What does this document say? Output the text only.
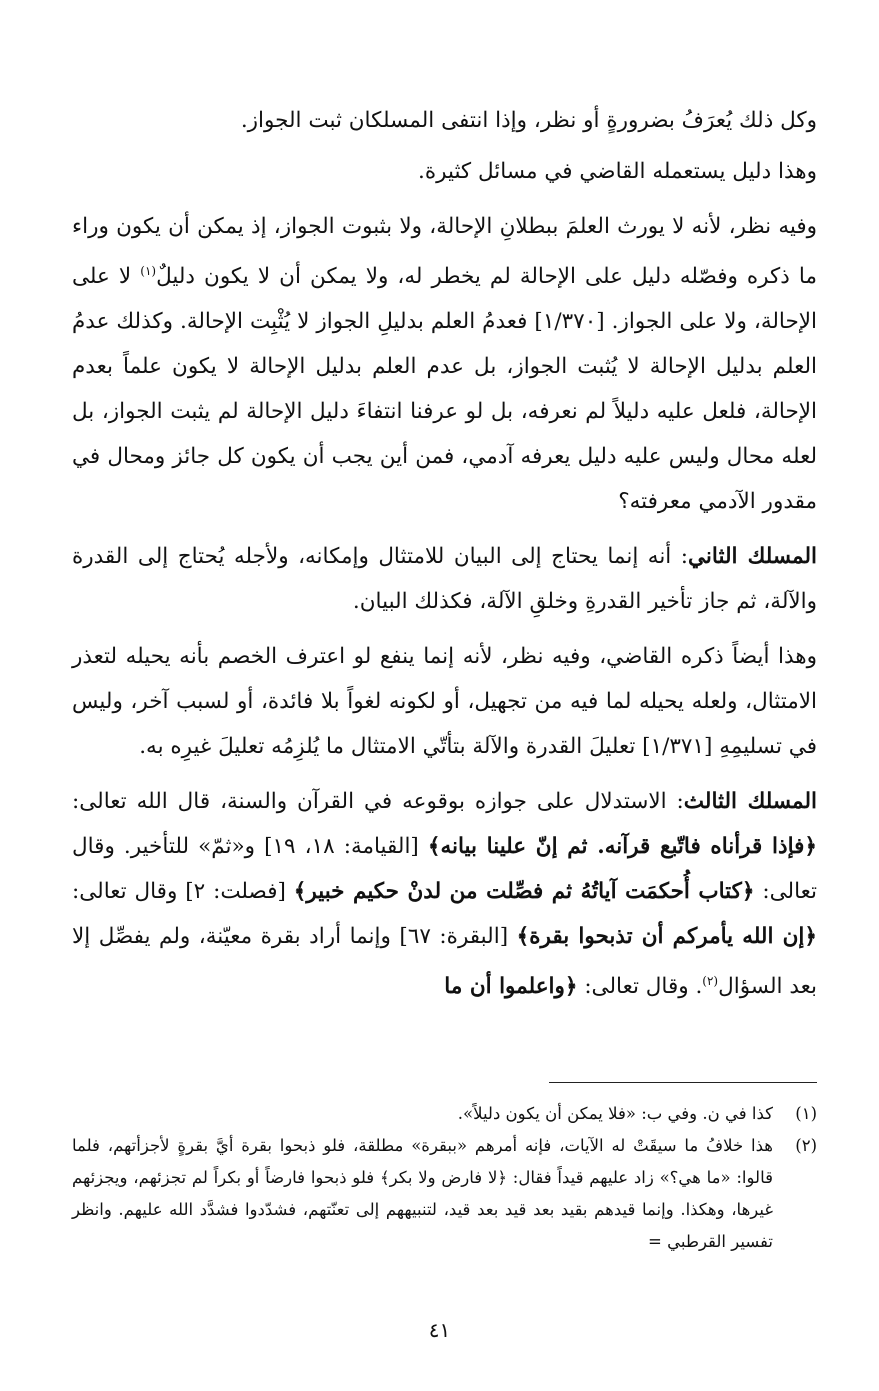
وكل ذلك يُعرَفُ بضرورةٍ أو نظر، وإذا انتفى المسلكان ثبت الجواز.

وهذا دليل يستعمله القاضي في مسائل كثيرة.

وفيه نظر، لأنه لا يورث العلمَ ببطلانِ الإحالة، ولا بثبوت الجواز، إذ يمكن أن يكون وراء ما ذكره وفصّله دليل على الإحالة لم يخطر له، ولا يمكن أن لا يكون دليلٌ$^{(١)}$ لا على الإحالة، ولا على الجواز. [١/٣٧٠] فعدمُ العلم بدليلِ الجواز لا يُثْبِت الإحالة. وكذلك عدمُ العلم بدليل الإحالة لا يُثبت الجواز، بل عدم العلم بدليل الإحالة لا يكون علماً بعدم الإحالة، فلعل عليه دليلاً لم نعرفه، بل لو عرفنا انتفاءَ دليل الإحالة لم يثبت الجواز، بل لعله محال وليس عليه دليل يعرفه آدمي، فمن أين يجب أن يكون كل جائز ومحال في مقدور الآدمي معرفته؟

المسلك الثاني: أنه إنما يحتاج إلى البيان للامتثال وإمكانه، ولأجله يُحتاج إلى القدرة والآلة، ثم جاز تأخير القدرةِ وخلقِ الآلة، فكذلك البيان.

وهذا أيضاً ذكره القاضي، وفيه نظر، لأنه إنما ينفع لو اعترف الخصم بأنه يحيله لتعذر الامتثال، ولعله يحيله لما فيه من تجهيل، أو لكونه لغواً بلا فائدة، أو لسبب آخر، وليس في تسليمِهِ [١/٣٧١] تعليلَ القدرة والآلة بتأتّي الامتثال ما يُلزِمُه تعليلَ غيرِه به.

المسلك الثالث: الاستدلال على جوازه بوقوعه في القرآن والسنة، قال الله تعالى: ﴿فإذا قرأناه فاتّبع قرآنه. ثم إنّ علينا بيانه﴾ [القيامة: ١٨، ١٩] و«ثمّ» للتأخير. وقال تعالى: ﴿كتاب أُحكمَت آياتُهُ ثم فصِّلت من لدنْ حكيم خبير﴾ [فصلت: ٢] وقال تعالى: ﴿إن الله يأمركم أن تذبحوا بقرة﴾ [البقرة: ٦٧] وإنما أراد بقرة معيّنة، ولم يفصِّل إلا بعد السؤال$^{(٢)}$. وقال تعالى: ﴿واعلموا أن ما

(١)
كذا في ن. وفي ب: «فلا يمكن أن يكون دليلاً».
(٢)
هذا خلافُ ما سيقَتْ له الآيات، فإنه أمرهم «ببقرة» مطلقة، فلو ذبحوا بقرة أيَّ بقرةٍ لأجزأتهم، فلما قالوا: «ما هي؟» زاد عليهم قيداً فقال: ﴿لا فارض ولا بكر﴾ فلو ذبحوا فارضاً أو بكراً لم تجزئهم، ويجزئهم غيرها، وهكذا. وإنما قيدهم بقيد بعد قيد بعد قيد، لتنبيههم إلى تعنّتهم، فشدّدوا فشدَّد الله عليهم. وانظر تفسير القرطبي =
٤١
